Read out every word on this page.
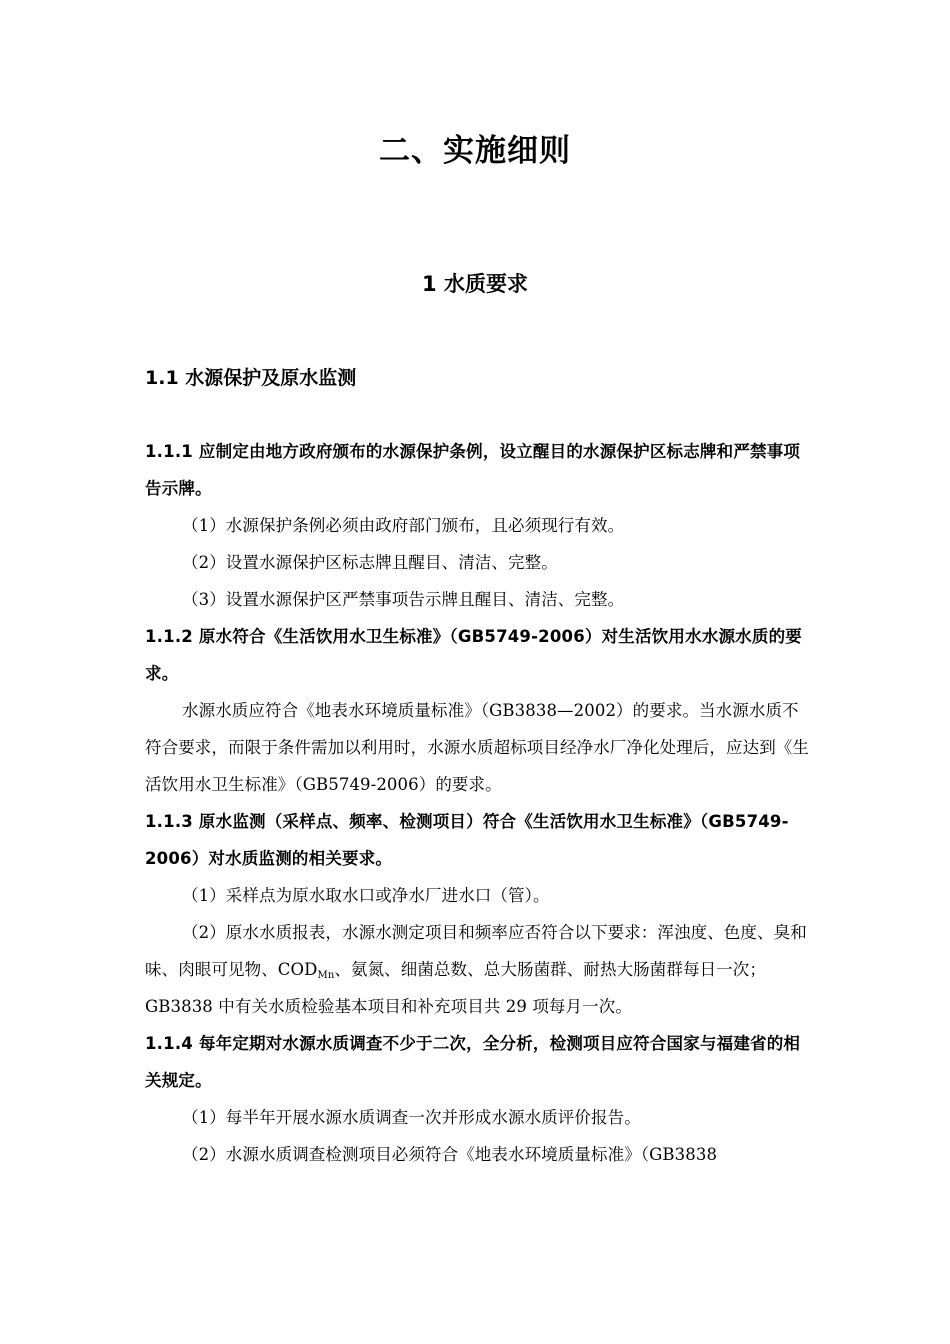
二、实施细则
1 水质要求
1.1 水源保护及原水监测

1.1.1 应制定由地方政府颁布的水源保护条例，设立醒目的水源保护区标志牌和严禁事项告示牌。

（1）水源保护条例必须由政府部门颁布，且必须现行有效。

（2）设置水源保护区标志牌且醒目、清洁、完整。

（3）设置水源保护区严禁事项告示牌且醒目、清洁、完整。

1.1.2 原水符合《生活饮用水卫生标准》（GB5749-2006）对生活饮用水水源水质的要求。

水源水质应符合《地表水环境质量标准》（GB3838—2002）的要求。当水源水质不符合要求，而限于条件需加以利用时，水源水质超标项目经净水厂净化处理后，应达到《生活饮用水卫生标准》（GB5749-2006）的要求。

1.1.3 原水监测（采样点、频率、检测项目）符合《生活饮用水卫生标准》（GB5749-2006）对水质监测的相关要求。

（1）采样点为原水取水口或净水厂进水口（管）。

（2）原水水质报表，水源水测定项目和频率应否符合以下要求：浑浊度、色度、臭和味、肉眼可见物、$COD_{Mn}$、氨氮、细菌总数、总大肠菌群、耐热大肠菌群每日一次；GB3838 中有关水质检验基本项目和补充项目共 29 项每月一次。

1.1.4 每年定期对水源水质调查不少于二次，全分析，检测项目应符合国家与福建省的相关规定。

（1）每半年开展水源水质调查一次并形成水源水质评价报告。

（2）水源水质调查检测项目必须符合《地表水环境质量标准》（GB3838
